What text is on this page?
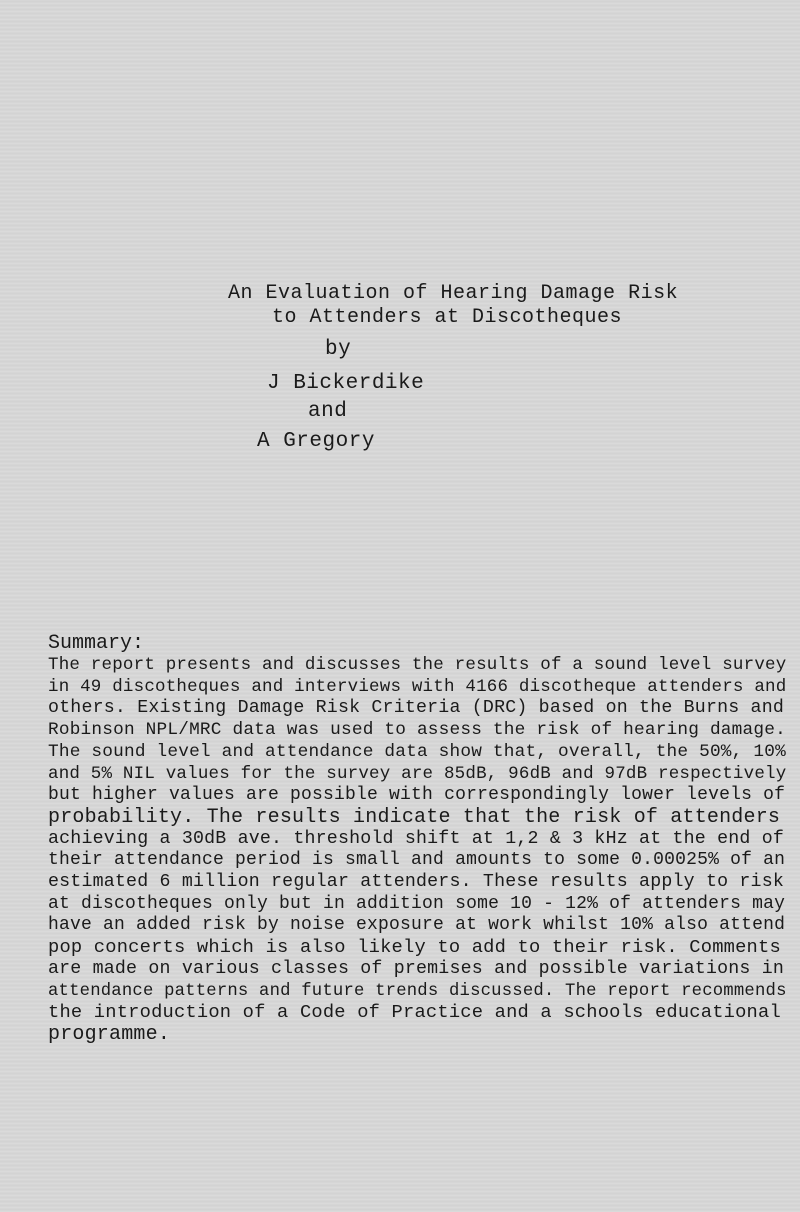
An Evaluation of Hearing Damage Risk
to Attenders at Discotheques
by
J Bickerdike
and
A Gregory
Summary:
The report presents and discusses the results of a sound level survey
in 49 discotheques and interviews with 4166 discotheque attenders and
others. Existing Damage Risk Criteria (DRC) based on the Burns and
Robinson NPL/MRC data was used to assess the risk of hearing damage.
The sound level and attendance data show that, overall, the 50%, 10%
and 5% NIL values for the survey are 85dB, 96dB and 97dB respectively
but higher values are possible with correspondingly lower levels of
probability. The results indicate that the risk of attenders
achieving a 30dB ave. threshold shift at 1,2 & 3 kHz at the end of
their attendance period is small and amounts to some 0.00025% of an
estimated 6 million regular attenders. These results apply to risk
at discotheques only but in addition some 10 - 12% of attenders may
have an added risk by noise exposure at work whilst 10% also attend
pop concerts which is also likely to add to their risk. Comments
are made on various classes of premises and possible variations in
attendance patterns and future trends discussed. The report recommends
the introduction of a Code of Practice and a schools educational
programme.
